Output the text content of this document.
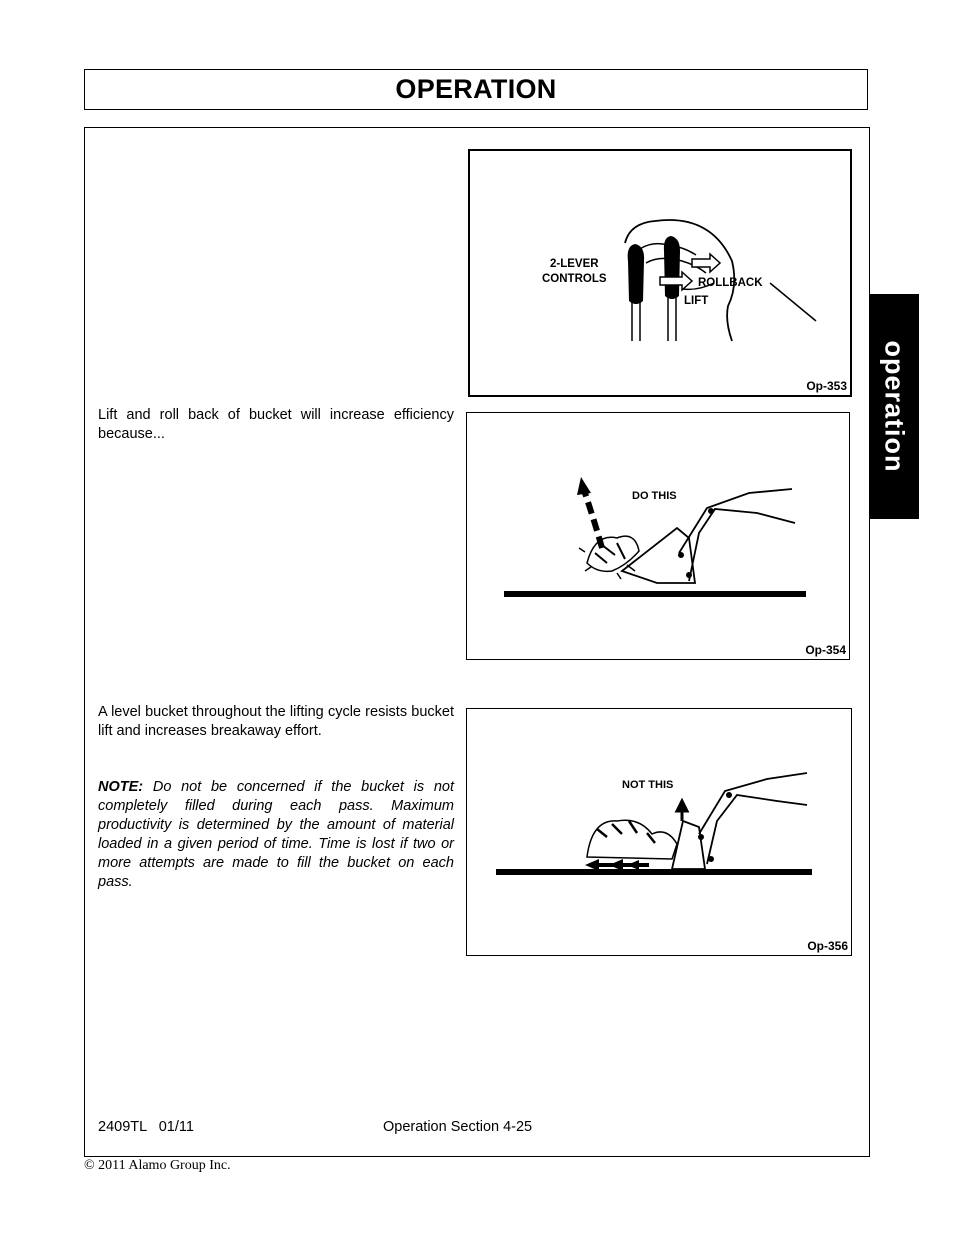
OPERATION
operation
2-LEVER
CONTROLS	ROLLBACK
LIFT
Op-353
DO THIS
Op-354
NOT THIS
Op-356
Lift and roll back of bucket will increase efficiency because...
A level bucket throughout the lifting cycle resists bucket lift and increases breakaway effort.
NOTE: Do not be concerned if the bucket is not completely filled during each pass. Maximum productivity is determined by the amount of material loaded in a given period of time. Time is lost if two or more attempts are made to fill the bucket on each pass.
2409TL   01/11	Operation Section 4-25
© 2011 Alamo Group Inc.
